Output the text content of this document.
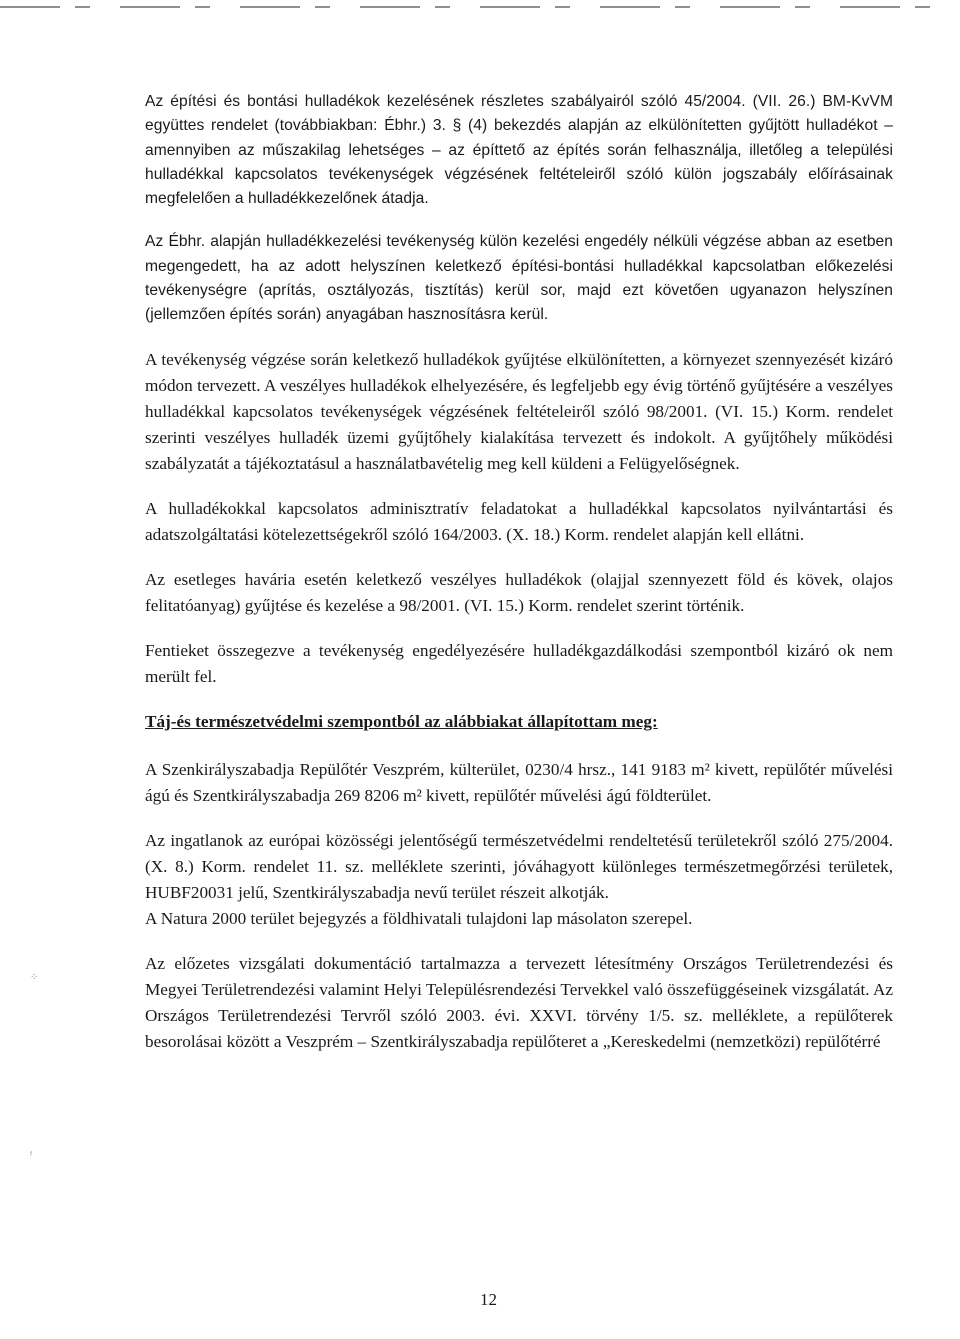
Az építési és bontási hulladékok kezelésének részletes szabályairól szóló 45/2004. (VII. 26.) BM-KvVM együttes rendelet (továbbiakban: Ébhr.) 3. § (4) bekezdés alapján az elkülönítetten gyűjtött hulladékot – amennyiben az műszakilag lehetséges – az építtető az építés során felhasználja, illetőleg a települési hulladékkal kapcsolatos tevékenységek végzésének feltételeiről szóló külön jogszabály előírásainak megfelelően a hulladékkezelőnek átadja.

Az Ébhr. alapján hulladékkezelési tevékenység külön kezelési engedély nélküli végzése abban az esetben megengedett, ha az adott helyszínen keletkező építési-bontási hulladékkal kapcsolatban előkezelési tevékenységre (aprítás, osztályozás, tisztítás) kerül sor, majd ezt követően ugyanazon helyszínen (jellemzően építés során) anyagában hasznosításra kerül.

A tevékenység végzése során keletkező hulladékok gyűjtése elkülönítetten, a környezet szennyezését kizáró módon tervezett. A veszélyes hulladékok elhelyezésére, és legfeljebb egy évig történő gyűjtésére a veszélyes hulladékkal kapcsolatos tevékenységek végzésének feltételeiről szóló 98/2001. (VI. 15.) Korm. rendelet szerinti veszélyes hulladék üzemi gyűjtőhely kialakítása tervezett és indokolt. A gyűjtőhely működési szabályzatát a tájékoztatásul a használatbavételig meg kell küldeni a Felügyelőségnek.

A hulladékokkal kapcsolatos adminisztratív feladatokat a hulladékkal kapcsolatos nyilvántartási és adatszolgáltatási kötelezettségekről szóló 164/2003. (X. 18.) Korm. rendelet alapján kell ellátni.

Az esetleges havária esetén keletkező veszélyes hulladékok (olajjal szennyezett föld és kövek, olajos felitatóanyag) gyűjtése és kezelése a 98/2001. (VI. 15.) Korm. rendelet szerint történik.

Fentieket összegezve a tevékenység engedélyezésére hulladékgazdálkodási szempontból kizáró ok nem merült fel.

Táj-és természetvédelmi szempontból az alábbiakat állapítottam meg:

A Szenkirályszabadja Repülőtér Veszprém, külterület, 0230/4 hrsz., 141 9183 m² kivett, repülőtér művelési ágú és Szentkirályszabadja 269 8206 m² kivett, repülőtér művelési ágú földterület.

Az ingatlanok az európai közösségi jelentőségű természetvédelmi rendeltetésű területekről szóló 275/2004. (X. 8.) Korm. rendelet 11. sz. melléklete szerinti, jóváhagyott különleges természetmegőrzési területek, HUBF20031 jelű, Szentkirályszabadja nevű terület részeit alkotják.

A Natura 2000 terület bejegyzés a földhivatali tulajdoni lap másolaton szerepel.

Az előzetes vizsgálati dokumentáció tartalmazza a tervezett létesítmény Országos Területrendezési és Megyei Területrendezési valamint Helyi Településrendezési Tervekkel való összefüggéseinek vizsgálatát. Az Országos Területrendezési Tervről szóló 2003. évi. XXVI. törvény 1/5. sz. melléklete, a repülőterek besorolásai között a Veszprém – Szentkirályszabadja repülőteret a „Kereskedelmi (nemzetközi) repülőtérré

⁘
ᶠ
12
